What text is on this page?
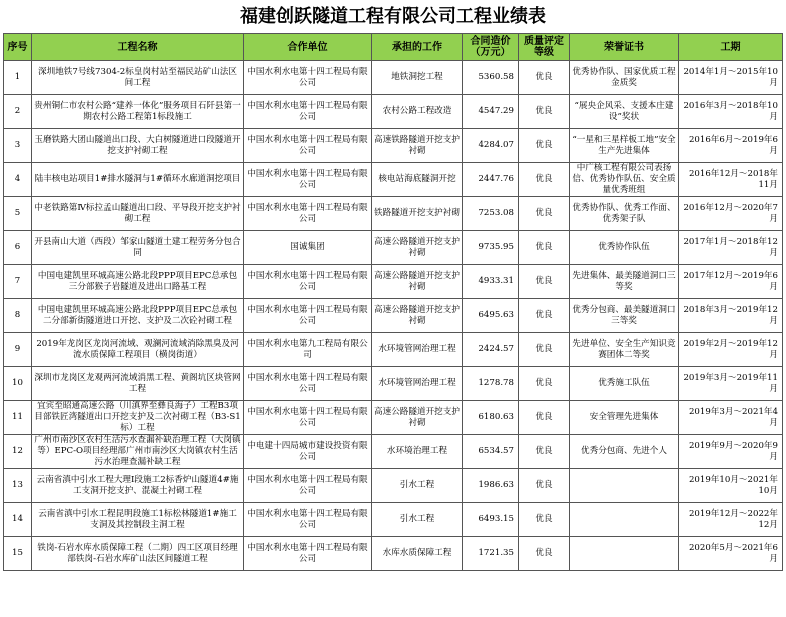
福建创跃隧道工程有限公司工程业绩表
序号	工程名称	合作单位	承担的工作	合同造价（万元）	质量评定等级	荣誉证书	工期
1	深圳地铁7号线7304-2标皇岗村站至福民站矿山法区间工程	中国水利水电第十四工程局有限公司	地铁洞挖工程	5360.58	优良	优秀协作队、国家优质工程金质奖	2014年1月～2015年10月
2	贵州铜仁市农村公路“建养一体化”服务项目石阡县第一期农村公路工程第1标段施工	中国水利水电第十四工程局有限公司	农村公路工程改造	4547.29	优良	“展央企风采、支援本庄建设”奖状	2016年3月～2018年10月
3	玉磨铁路大团山隧道出口段、大白树隧道进口段隧道开挖支护衬砌工程	中国水利水电第十四工程局有限公司	高速铁路隧道开挖支护衬砌	4284.07	优良	“一星和三星样板工地”安全生产先进集体	2016年6月～2019年6月
4	陆丰核电站项目1#排水隧洞与1#循环水廊道洞挖项目	中国水利水电第十四工程局有限公司	核电站海底隧洞开挖	2447.76	优良	中广核工程有限公司表扬信、优秀协作队伍、安全质量优秀班组	2016年12月～2018年11月
5	中老铁路第Ⅳ标拉孟山隧道出口段、平导段开挖支护衬砌工程	中国水利水电第十四工程局有限公司	铁路隧道开挖支护衬砌	7253.08	优良	优秀协作队、优秀工作面、优秀架子队	2016年12月～2020年7月
6	开县南山大道（西段）邹家山隧道土建工程劳务分包合同	国诚集团	高速公路隧道开挖支护衬砌	9735.95	优良	优秀协作队伍	2017年1月～2018年12月
7	中国电建凯里环城高速公路北段PPP项目EPC总承包三分部猴子岩隧道及进出口路基工程	中国水利水电第十四工程局有限公司	高速公路隧道开挖支护衬砌	4933.31	优良	先进集体、最美隧道洞口三等奖	2017年12月～2019年6月
8	中国电建凯里环城高速公路北段PPP项目EPC总承包二分部新街隧道进口开挖、支护及二次砼衬砌工程	中国水利水电第十四工程局有限公司	高速公路隧道开挖支护衬砌	6495.63	优良	优秀分包商、最美隧道洞口三等奖	2018年3月～2019年12月
9	2019年龙岗区龙岗河流域、观澜河流域消除黑臭及河流水质保障工程项目（横岗街道）	中国水利水电第九工程局有限公司	水环境管网治理工程	2424.57	优良	先进单位、安全生产知识竞赛团体二等奖	2019年2月～2019年12月
10	深圳市龙岗区龙观两河流域消黑工程、黄阁坑区块管网工程	中国水利水电第十四工程局有限公司	水环境管网治理工程	1278.78	优良	优秀施工队伍	2019年3月～2019年11月
11	宜宾至昭通高速公路（川滇界至彝良海子）工程B3项目部铁匠湾隧道出口开挖支护及二次衬砌工程（B3-S1标）工程	中国水利水电第十四工程局有限公司	高速公路隧道开挖支护衬砌	6180.63	优良	安全管理先进集体	2019年3月～2021年4月
12	广州市南沙区农村生活污水查漏补缺治理工程（大岗镇等）EPC-O项目经理部广州市南沙区大岗镇农村生活污水治理查漏补缺工程	中电建十四局城市建设投资有限公司	水环境治理工程	6534.57	优良	优秀分包商、先进个人	2019年9月～2020年9月
13	云南省滇中引水工程大理Ⅰ段施工2标香炉山隧道4#施工支洞开挖支护、混凝土衬砌工程	中国水利水电第十四工程局有限公司	引水工程	1986.63	优良		2019年10月～2021年10月
14	云南省滇中引水工程昆明段施工1标松林隧道1#施工支洞及其控制段主洞工程	中国水利水电第十四工程局有限公司	引水工程	6493.15	优良		2019年12月～2022年12月
15	铁岗-石岩水库水质保障工程（二期）四工区项目经理部铁岗-石岩水库矿山法区间隧道工程	中国水利水电第十四工程局有限公司	水库水质保障工程	1721.35	优良		2020年5月～2021年6月
